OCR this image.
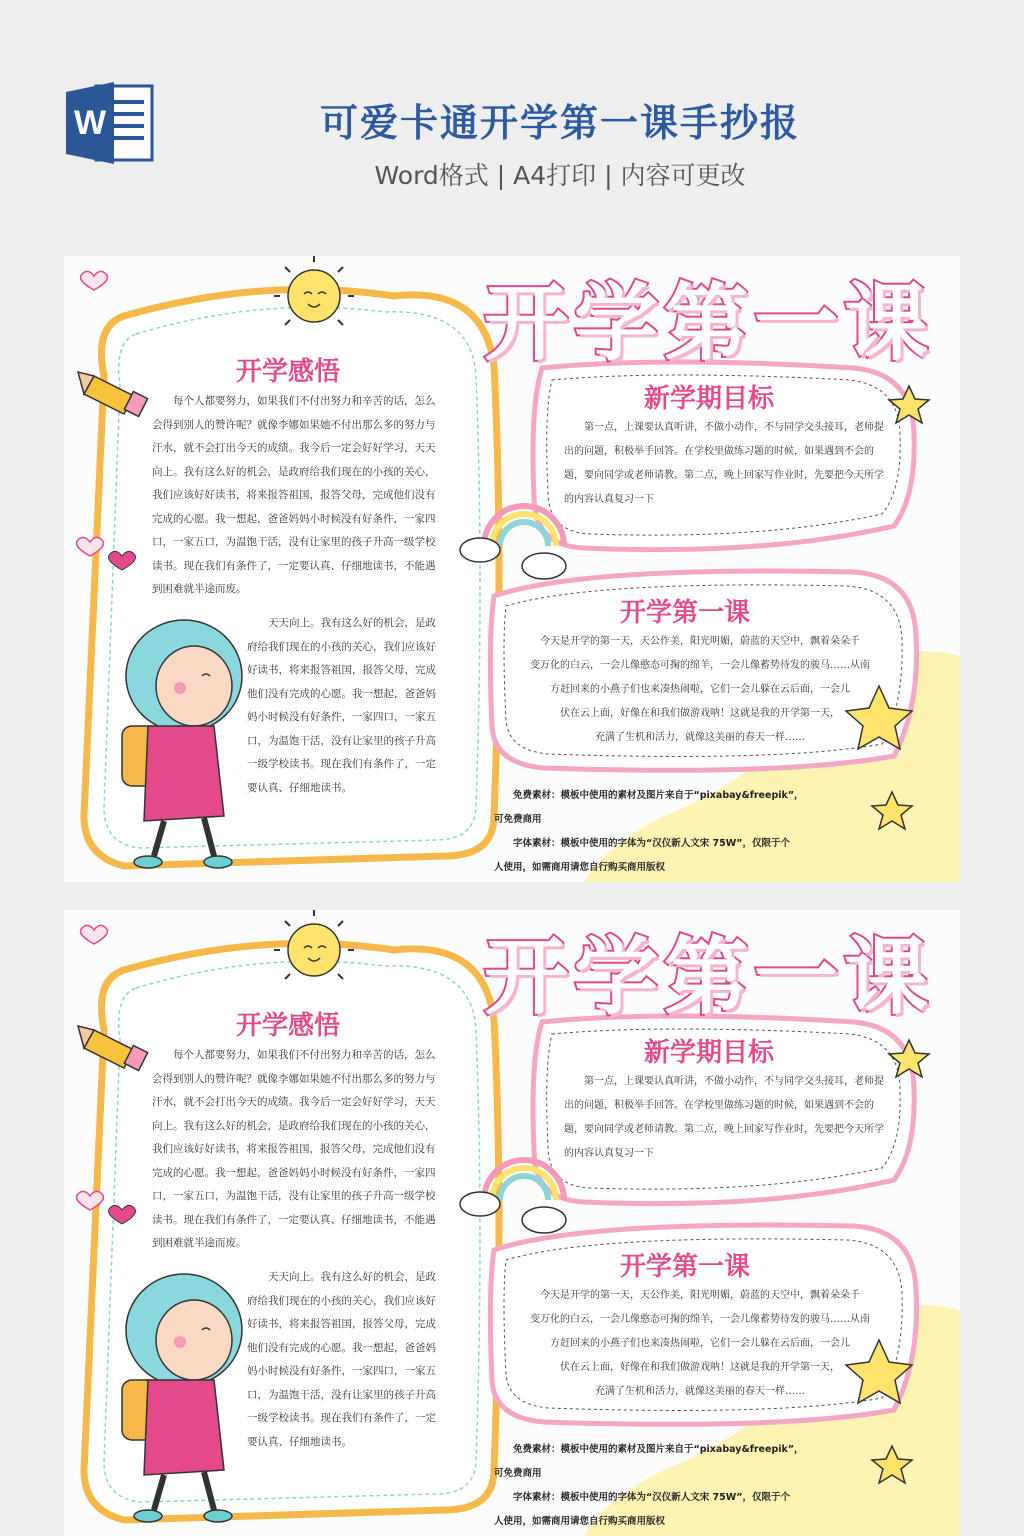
W	可爱卡通开学第一课手抄报
Word格式 | A4打印 | 内容可更改
开学第一课
开学感悟
每个人都要努力，如果我们不付出努力和辛苦的话，怎么会得到别人的赞许呢？就像李娜如果她不付出那么多的努力与汗水，就不会打出今天的成绩。我今后一定会好好学习，天天向上。我有这么好的机会，是政府给我们现在的小孩的关心，我们应该好好读书，将来报答祖国，报答父母，完成他们没有完成的心愿。我一想起，爸爸妈妈小时候没有好条件，一家四口，一家五口，为温饱干活，没有让家里的孩子升高一级学校读书。现在我们有条件了，一定要认真、仔细地读书，不能遇到困难就半途而废。
天天向上。我有这么好的机会，是政府给我们现在的小孩的关心，我们应该好好读书，将来报答祖国，报答父母，完成他们没有完成的心愿。我一想起，爸爸妈妈小时候没有好条件，一家四口，一家五口，为温饱干活，没有让家里的孩子升高一级学校读书。现在我们有条件了，一定要认真、仔细地读书。
新学期目标
第一点，上课要认真听讲，不做小动作，不与同学交头接耳，老师提出的问题，积极举手回答。在学校里做练习题的时候，如果遇到不会的题，要向同学或老师请教。第二点，晚上回家写作业时，先要把今天所学的内容认真复习一下
开学第一课
今天是开学的第一天，天公作美，阳光明媚，蔚蓝的天空中，飘着朵朵千
变万化的白云，一会儿像憨态可掬的绵羊，一会儿像蓄势待发的骏马……从南
方赶回来的小燕子们也来凑热闹啦，它们一会儿躲在云后面，一会儿
伏在云上面，好像在和我们做游戏呐！这就是我的开学第一天，
充满了生机和活力，就像这美丽的春天一样……

免费素材：模板中使用的素材及图片来自于“pixabay&freepik”，

可免费商用

字体素材：模板中使用的字体为“汉仪新人文宋 75W”，仅限于个

人使用，如需商用请您自行购买商用版权

开学第一课
开学感悟
每个人都要努力，如果我们不付出努力和辛苦的话，怎么会得到别人的赞许呢？就像李娜如果她不付出那么多的努力与汗水，就不会打出今天的成绩。我今后一定会好好学习，天天向上。我有这么好的机会，是政府给我们现在的小孩的关心，我们应该好好读书，将来报答祖国，报答父母，完成他们没有完成的心愿。我一想起，爸爸妈妈小时候没有好条件，一家四口，一家五口，为温饱干活，没有让家里的孩子升高一级学校读书。现在我们有条件了，一定要认真、仔细地读书，不能遇到困难就半途而废。
天天向上。我有这么好的机会，是政府给我们现在的小孩的关心，我们应该好好读书，将来报答祖国，报答父母，完成他们没有完成的心愿。我一想起，爸爸妈妈小时候没有好条件，一家四口，一家五口，为温饱干活，没有让家里的孩子升高一级学校读书。现在我们有条件了，一定要认真、仔细地读书。
新学期目标
第一点，上课要认真听讲，不做小动作，不与同学交头接耳，老师提出的问题，积极举手回答。在学校里做练习题的时候，如果遇到不会的题，要向同学或老师请教。第二点，晚上回家写作业时，先要把今天所学的内容认真复习一下
开学第一课
今天是开学的第一天，天公作美，阳光明媚，蔚蓝的天空中，飘着朵朵千
变万化的白云，一会儿像憨态可掬的绵羊，一会儿像蓄势待发的骏马……从南
方赶回来的小燕子们也来凑热闹啦，它们一会儿躲在云后面，一会儿
伏在云上面，好像在和我们做游戏呐！这就是我的开学第一天，
充满了生机和活力，就像这美丽的春天一样……

免费素材：模板中使用的素材及图片来自于“pixabay&freepik”，

可免费商用

字体素材：模板中使用的字体为“汉仪新人文宋 75W”，仅限于个

人使用，如需商用请您自行购买商用版权
